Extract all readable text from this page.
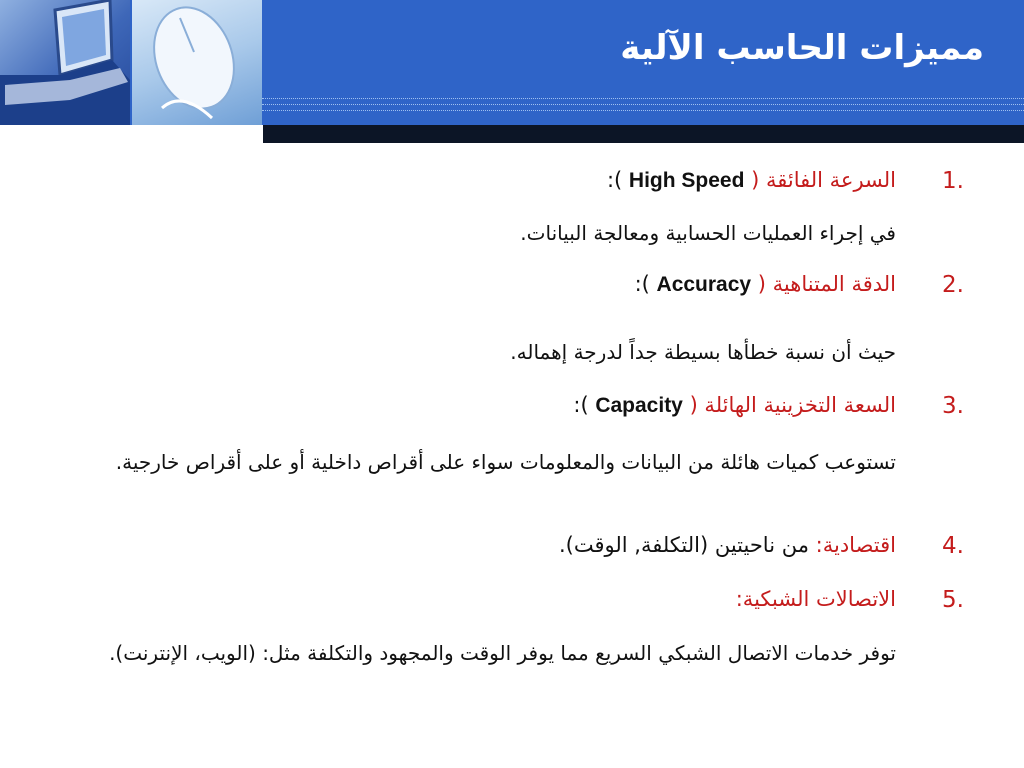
مميزات الحاسب الآلية
1.
السرعة الفائقة ( High Speed ):
في إجراء العمليات الحسابية ومعالجة البيانات.
2.
الدقة المتناهية ( Accuracy ):
حيث أن نسبة خطأها بسيطة جداً لدرجة إهماله.
3.
السعة التخزينية الهائلة ( Capacity ):
تستوعب كميات هائلة من البيانات والمعلومات سواء على أقراص داخلية أو على أقراص خارجية.
4.
اقتصادية: من ناحيتين (التكلفة, الوقت).
5.
الاتصالات الشبكية:
توفر خدمات الاتصال الشبكي السريع مما يوفر الوقت والمجهود والتكلفة مثل: (الويب، الإنترنت).
